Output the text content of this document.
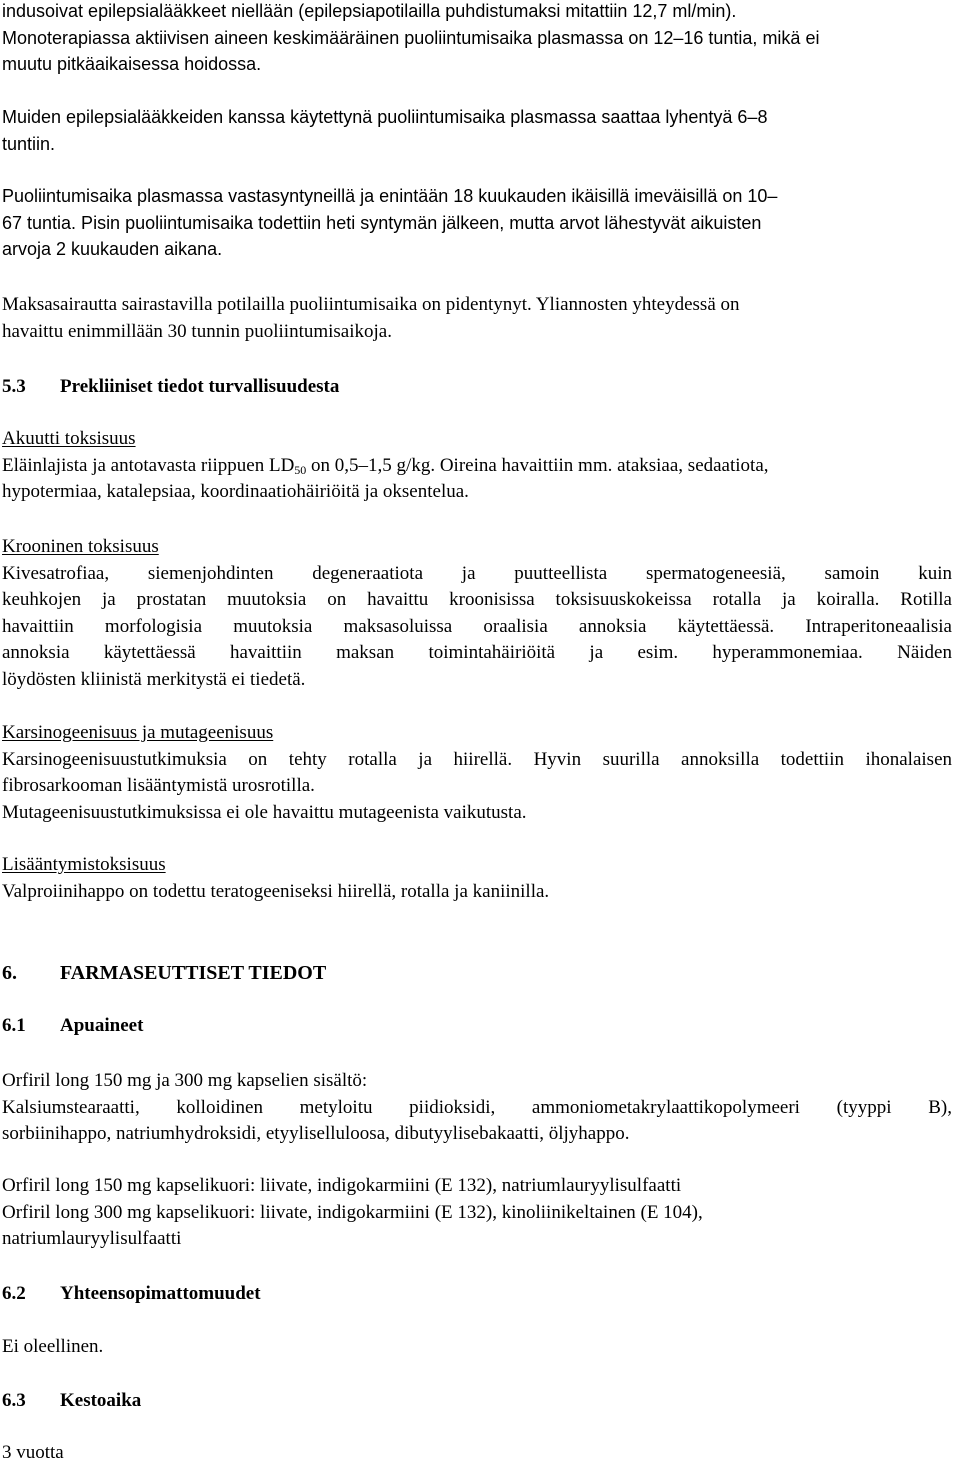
indusoivat epilepsialääkkeet niellään (epilepsiapotilailla puhdistumaksi mitattiin 12,7 ml/min).
Monoterapiassa aktiivisen aineen keskimääräinen puoliintumisaika plasmassa on 12–16 tuntia, mikä ei
muutu pitkäaikaisessa hoidossa.

Muiden epilepsialääkkeiden kanssa käytettynä puoliintumisaika plasmassa saattaa lyhentyä 6–8
tuntiin.

Puoliintumisaika plasmassa vastasyntyneillä ja enintään 18 kuukauden ikäisillä imeväisillä on 10–
67 tuntia. Pisin puoliintumisaika todettiin heti syntymän jälkeen, mutta arvot lähestyvät aikuisten
arvoja 2 kuukauden aikana.

Maksasairautta sairastavilla potilailla puoliintumisaika on pidentynyt. Yliannosten yhteydessä on
havaittu enimmillään 30 tunnin puoliintumisaikoja.

5.3 Prekliiniset tiedot turvallisuudesta
Akuutti toksisuus
Eläinlajista ja antotavasta riippuen $LD_{50}$ on 0,5–1,5 g/kg. Oireina havaittiin mm. ataksiaa, sedaatiota,
hypotermiaa, katalepsiaa, koordinaatiohäiriöitä ja oksentelua.
Krooninen toksisuus
Kivesatrofiaa, siemenjohdinten degeneraatiota ja puutteellista spermatogeneesiä, samoin kuin
keuhkojen ja prostatan muutoksia on havaittu kroonisissa toksisuuskokeissa rotalla ja koiralla. Rotilla
havaittiin morfologisia muutoksia maksasoluissa oraalisia annoksia käytettäessä. Intraperitoneaalisia
annoksia käytettäessä havaittiin maksan toimintahäiriöitä ja esim. hyperammonemiaa. Näiden
löydösten kliinistä merkitystä ei tiedetä.
Karsinogeenisuus ja mutageenisuus
Karsinogeenisuustutkimuksia on tehty rotalla ja hiirellä. Hyvin suurilla annoksilla todettiin ihonalaisen
fibrosarkooman lisääntymistä urosrotilla.
Mutageenisuustutkimuksissa ei ole havaittu mutageenista vaikutusta.
Lisääntymistoksisuus
Valproiinihappo on todettu teratogeeniseksi hiirellä, rotalla ja kaniinilla.
6. FARMASEUTTISET TIEDOT
6.1 Apuaineet
Orfiril long 150 mg ja 300 mg kapselien sisältö:
Kalsiumstearaatti, kolloidinen metyloitu piidioksidi, ammoniometakrylaattikopolymeeri (tyyppi B),
sorbiinihappo, natriumhydroksidi, etyyliselluloosa, dibutyylisebakaatti, öljyhappo.
Orfiril long 150 mg kapselikuori: liivate, indigokarmiini (E 132), natriumlauryylisulfaatti
Orfiril long 300 mg kapselikuori: liivate, indigokarmiini (E 132), kinoliinikeltainen (E 104),
natriumlauryylisulfaatti
6.2 Yhteensopimattomuudet
Ei oleellinen.
6.3 Kestoaika
3 vuotta
